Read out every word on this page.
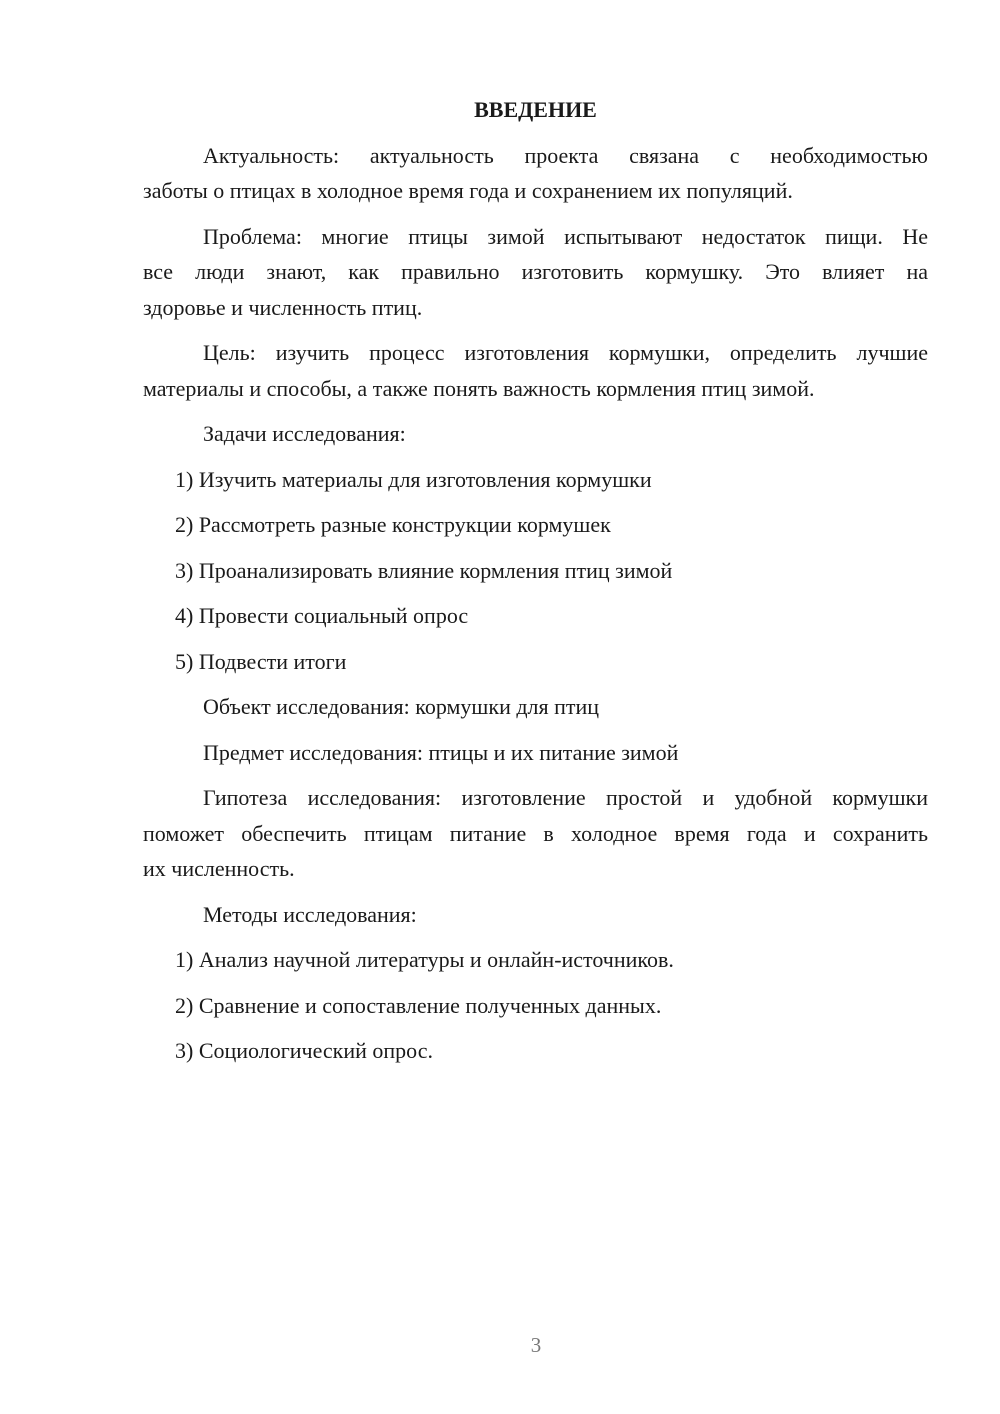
ВВЕДЕНИЕ
Актуальность: актуальность проекта связана с необходимостью
заботы о птицах в холодное время года и сохранением их популяций.
Проблема: многие птицы зимой испытывают недостаток пищи. Не
все люди знают, как правильно изготовить кормушку. Это влияет на
здоровье и численность птиц.
Цель: изучить процесс изготовления кормушки, определить лучшие
материалы и способы, а также понять важность кормления птиц зимой.
Задачи исследования:
1) Изучить материалы для изготовления кормушки
2) Рассмотреть разные конструкции кормушек
3) Проанализировать влияние кормления птиц зимой
4) Провести социальный опрос
5) Подвести итоги
Объект исследования: кормушки для птиц
Предмет исследования: птицы и их питание зимой
Гипотеза исследования: изготовление простой и удобной кормушки
поможет обеспечить птицам питание в холодное время года и сохранить
их численность.
Методы исследования:
1) Анализ научной литературы и онлайн-источников.
2) Сравнение и сопоставление полученных данных.
3) Социологический опрос.
3
